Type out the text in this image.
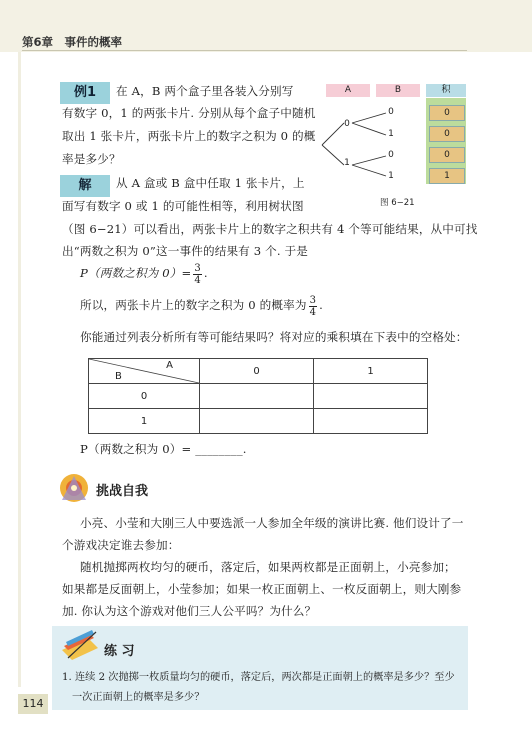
第6章　事件的概率
例1	在 A，B 两个盒子里各装入分别写
有数字 0，1 的两张卡片. 分别从每个盒子中随机
取出 1 张卡片，两张卡片上的数字之积为 0 的概
率是多少？
解	从 A 盒或 B 盒中任取 1 张卡片，上
面写有数字 0 或 1 的可能性相等，利用树状图
（图 6−21）可以看出，两张卡片上的数字之积共有 4 个等可能结果，从中可找
出“两数之积为 0”这一事件的结果有 3 个. 于是
P（两数之积为 $0)= \frac{3}{4}$ .
所以，两张卡片上的数字之积为 0 的概率为 $\frac{3}{4}$ .
A	B	积
0
1
0
1
0
1
0
0
0
1
图 6−21
你能通过列表分析所有等可能结果吗？将对应的乘积填在下表中的空格处：
A
B	0	1
0		
1		
P（两数之积为 0）= ________.
挑战自我
小亮、小莹和大刚三人中要选派一人参加全年级的演讲比赛. 他们设计了一
个游戏决定谁去参加：
随机抛掷两枚均匀的硬币，落定后，如果两枚都是正面朝上，小亮参加；
如果都是反面朝上，小莹参加；如果一枚正面朝上、一枚反面朝上，则大刚参
加. 你认为这个游戏对他们三人公平吗？为什么？
练 习
1. 连续 2 次抛掷一枚质量均匀的硬币，落定后，两次都是正面朝上的概率是多少？至少
一次正面朝上的概率是多少？
114
